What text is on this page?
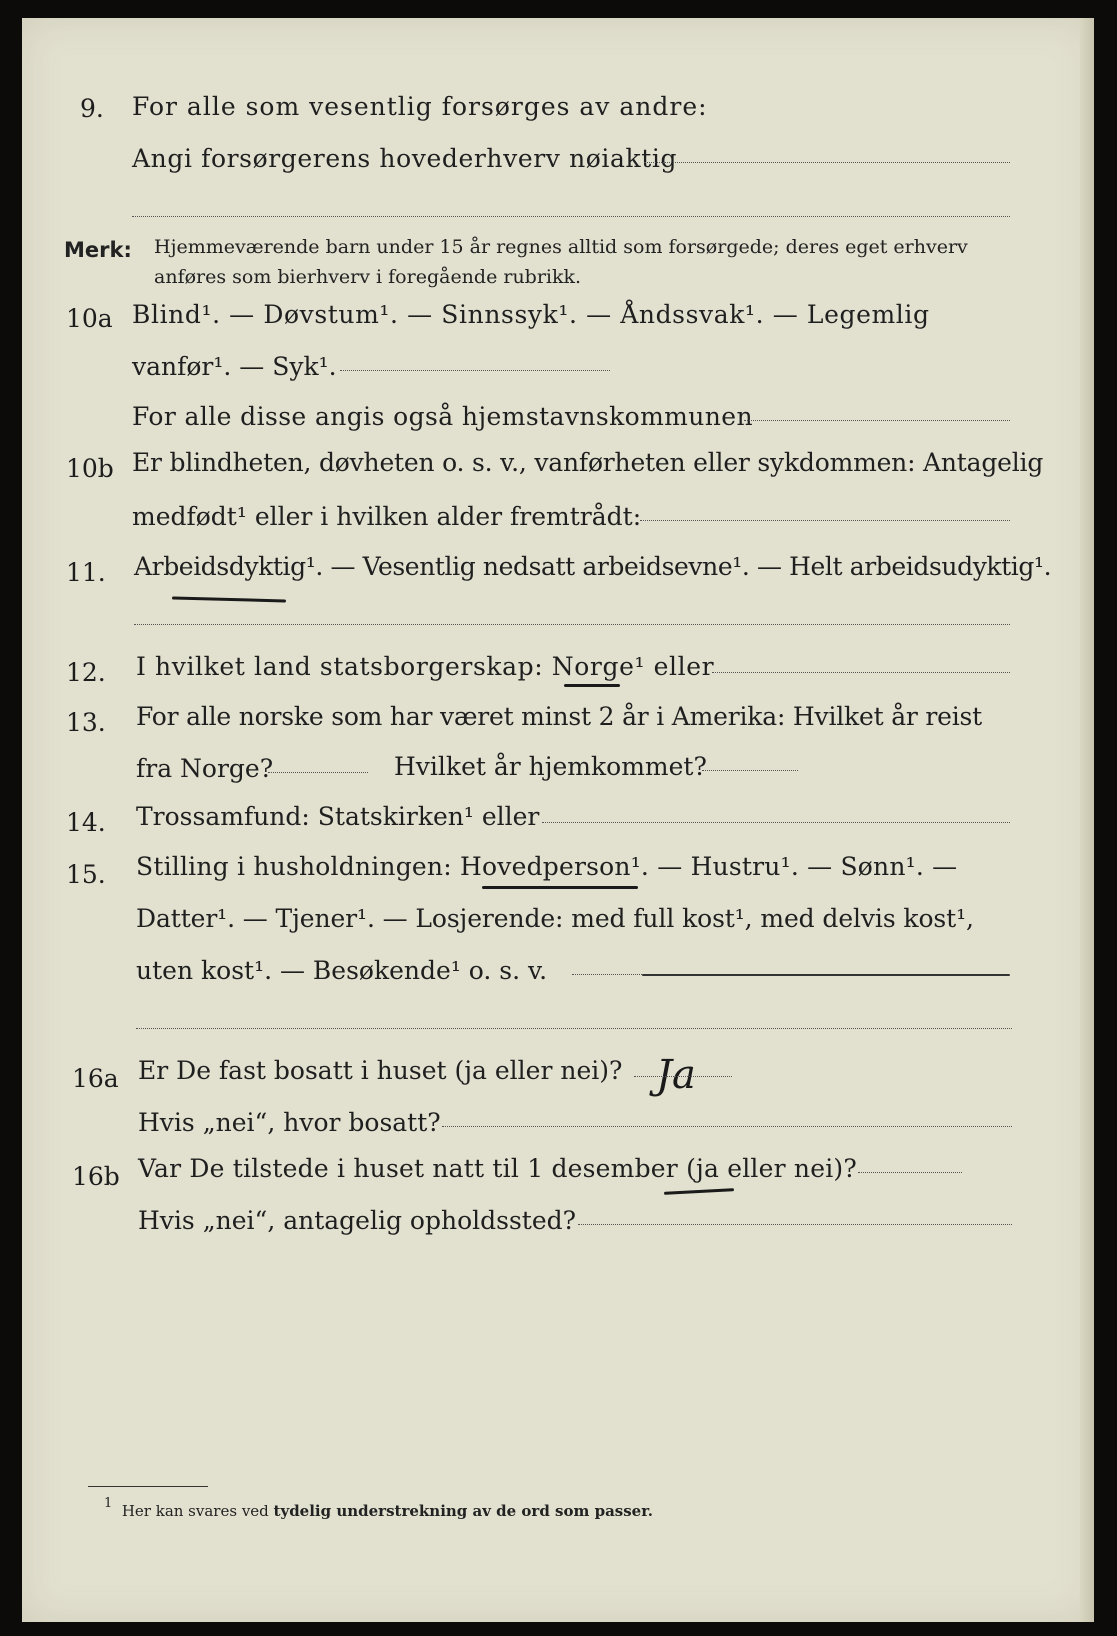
9. For alle som vesentlig forsørges av andre:
Angi forsørgerens hovederhverv nøiaktig
Merk: Hjemmeværende barn under 15 år regnes alltid som forsørgede; deres eget erhverv
anføres som bierhverv i foregående rubrikk.
10a Blind¹. — Døvstum¹. — Sinnssyk¹. — Åndssvak¹. — Legemlig
vanfør¹. — Syk¹.
For alle disse angis også hjemstavnskommunen
10b Er blindheten, døvheten o. s. v., vanførheten eller sykdommen: Antagelig
medfødt¹ eller i hvilken alder fremtrådt:
11. Arbeidsdyktig¹. — Vesentlig nedsatt arbeidsevne¹. — Helt arbeidsudyktig¹.
12. I hvilket land statsborgerskap: Norge¹ eller
13. For alle norske som har været minst 2 år i Amerika: Hvilket år reist
fra Norge?	Hvilket år hjemkommet?
14. Trossamfund: Statskirken¹ eller
15. Stilling i husholdningen: Hovedperson¹. — Hustru¹. — Sønn¹. —
Datter¹. — Tjener¹. — Losjerende: med full kost¹, med delvis kost¹,
uten kost¹. — Besøkende¹ o. s. v.
16a Er De fast bosatt i huset (ja eller nei)? Ja
Hvis „nei“, hvor bosatt?
16b Var De tilstede i huset natt til 1 desember (ja eller nei)?
Hvis „nei“, antagelig opholdssted?
$^1$ Her kan svares ved tydelig understrekning av de ord som passer.
